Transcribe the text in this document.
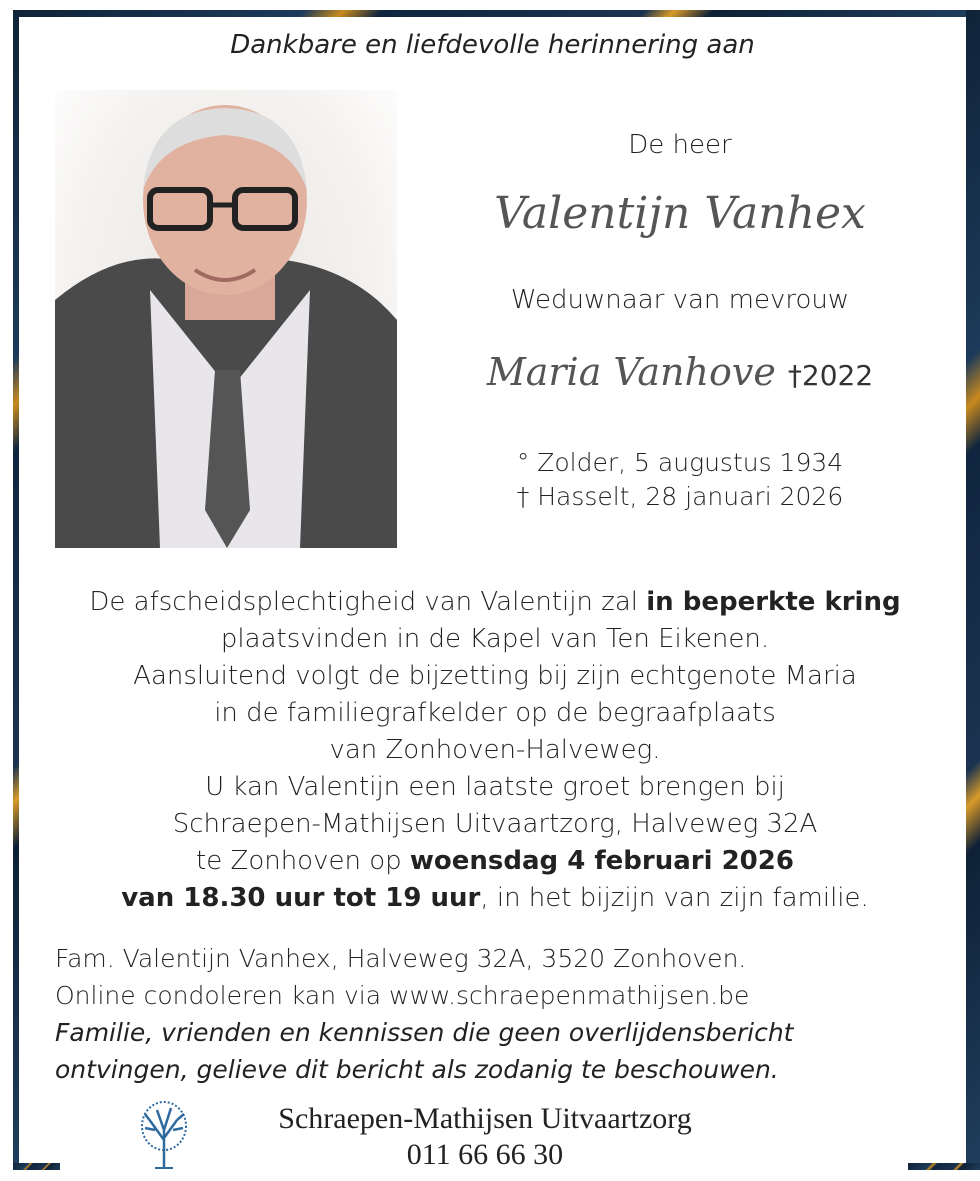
Dankbare en liefdevolle herinnering aan
De heer
Valentijn Vanhex
Weduwnaar van mevrouw
Maria Vanhove †2022
° Zolder, 5 augustus 1934
† Hasselt, 28 januari 2026
De afscheidsplechtigheid van Valentijn zal in beperkte kring
plaatsvinden in de Kapel van Ten Eikenen.
Aansluitend volgt de bijzetting bij zijn echtgenote Maria
in de familiegrafkelder op de begraafplaats
van Zonhoven-Halveweg.
U kan Valentijn een laatste groet brengen bij
Schraepen-Mathijsen Uitvaartzorg, Halveweg 32A
te Zonhoven op woensdag 4 februari 2026
van 18.30 uur tot 19 uur, in het bijzijn van zijn familie.
Fam. Valentijn Vanhex, Halveweg 32A, 3520 Zonhoven.
Online condoleren kan via www.schraepenmathijsen.be
Familie, vrienden en kennissen die geen overlijdensbericht
ontvingen, gelieve dit bericht als zodanig te beschouwen.
Schraepen-Mathijsen Uitvaartzorg
011 66 66 30
